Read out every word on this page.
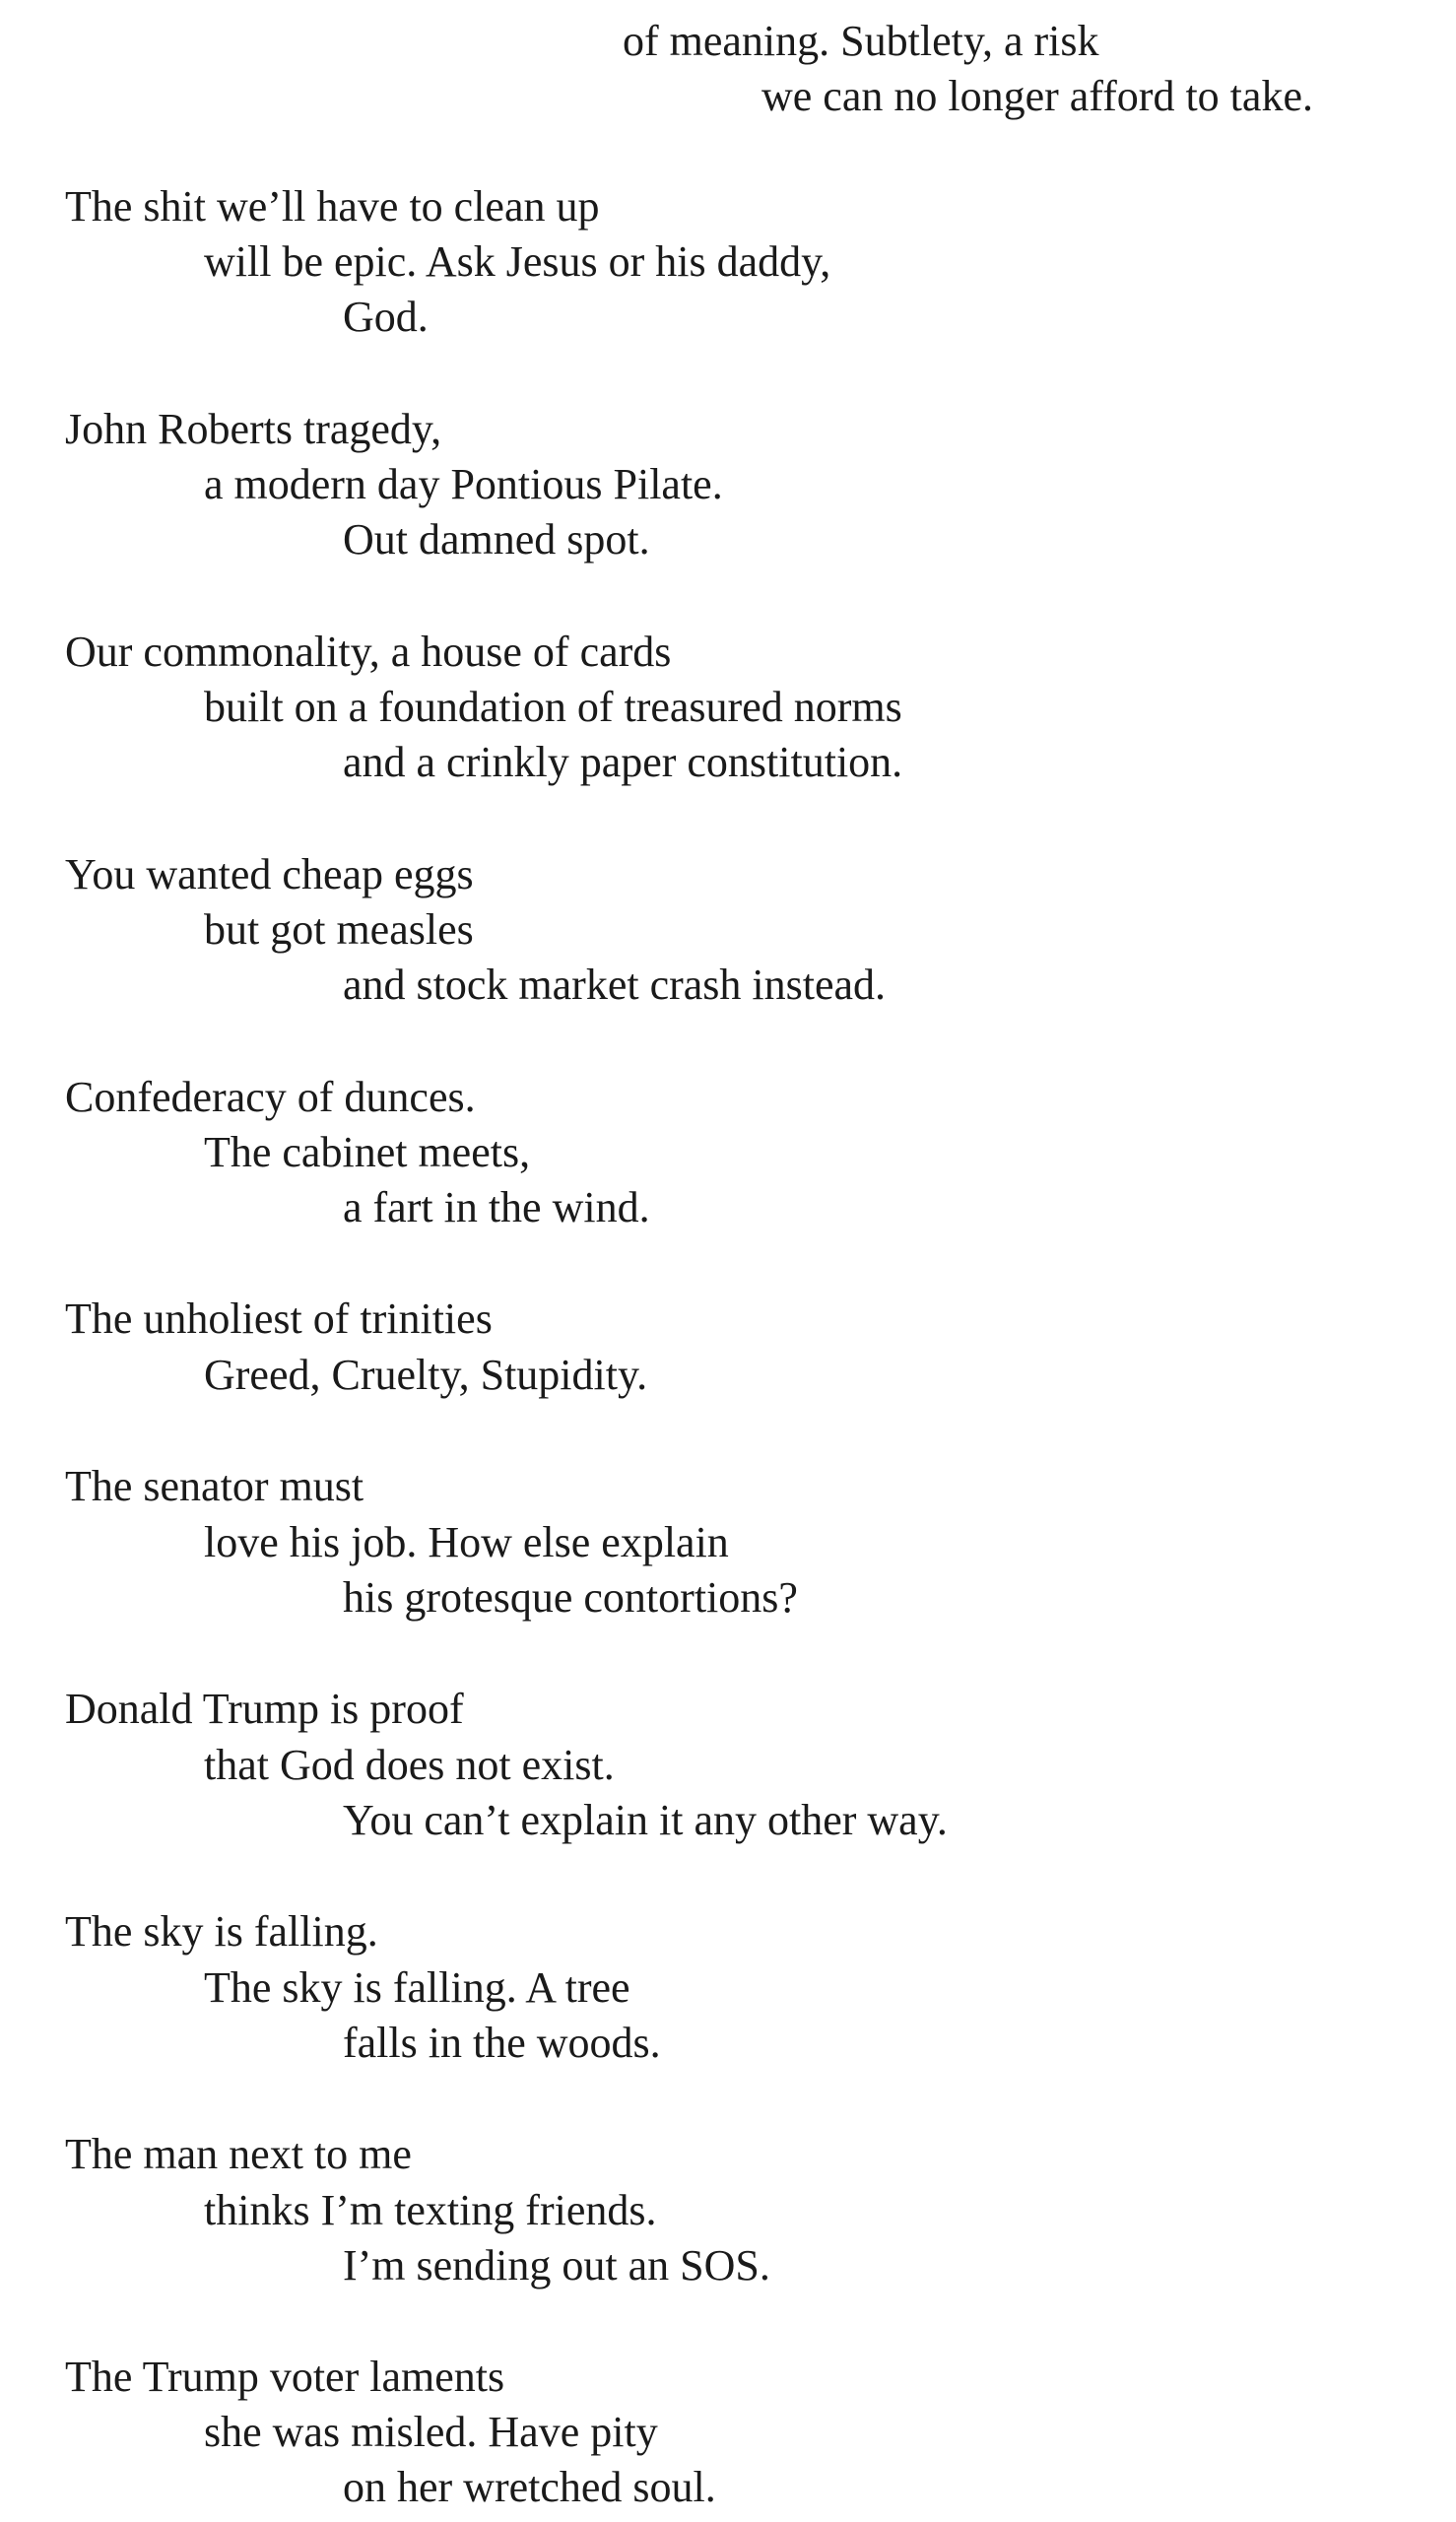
of meaning. Subtlety, a risk

we can no longer afford to take.

The shit we’ll have to clean up

will be epic. Ask Jesus or his daddy,

God.

John Roberts tragedy,

a modern day Pontious Pilate.

Out damned spot.

Our commonality, a house of cards

built on a foundation of treasured norms

and a crinkly paper constitution.

You wanted cheap eggs

but got measles

and stock market crash instead.

Confederacy of dunces.

The cabinet meets,

a fart in the wind.

The unholiest of trinities

Greed, Cruelty, Stupidity.

The senator must

love his job. How else explain

his grotesque contortions?

Donald Trump is proof

that God does not exist.

You can’t explain it any other way.

The sky is falling.

The sky is falling. A tree

falls in the woods.

The man next to me

thinks I’m texting friends.

I’m sending out an SOS.

The Trump voter laments

she was misled. Have pity

on her wretched soul.
